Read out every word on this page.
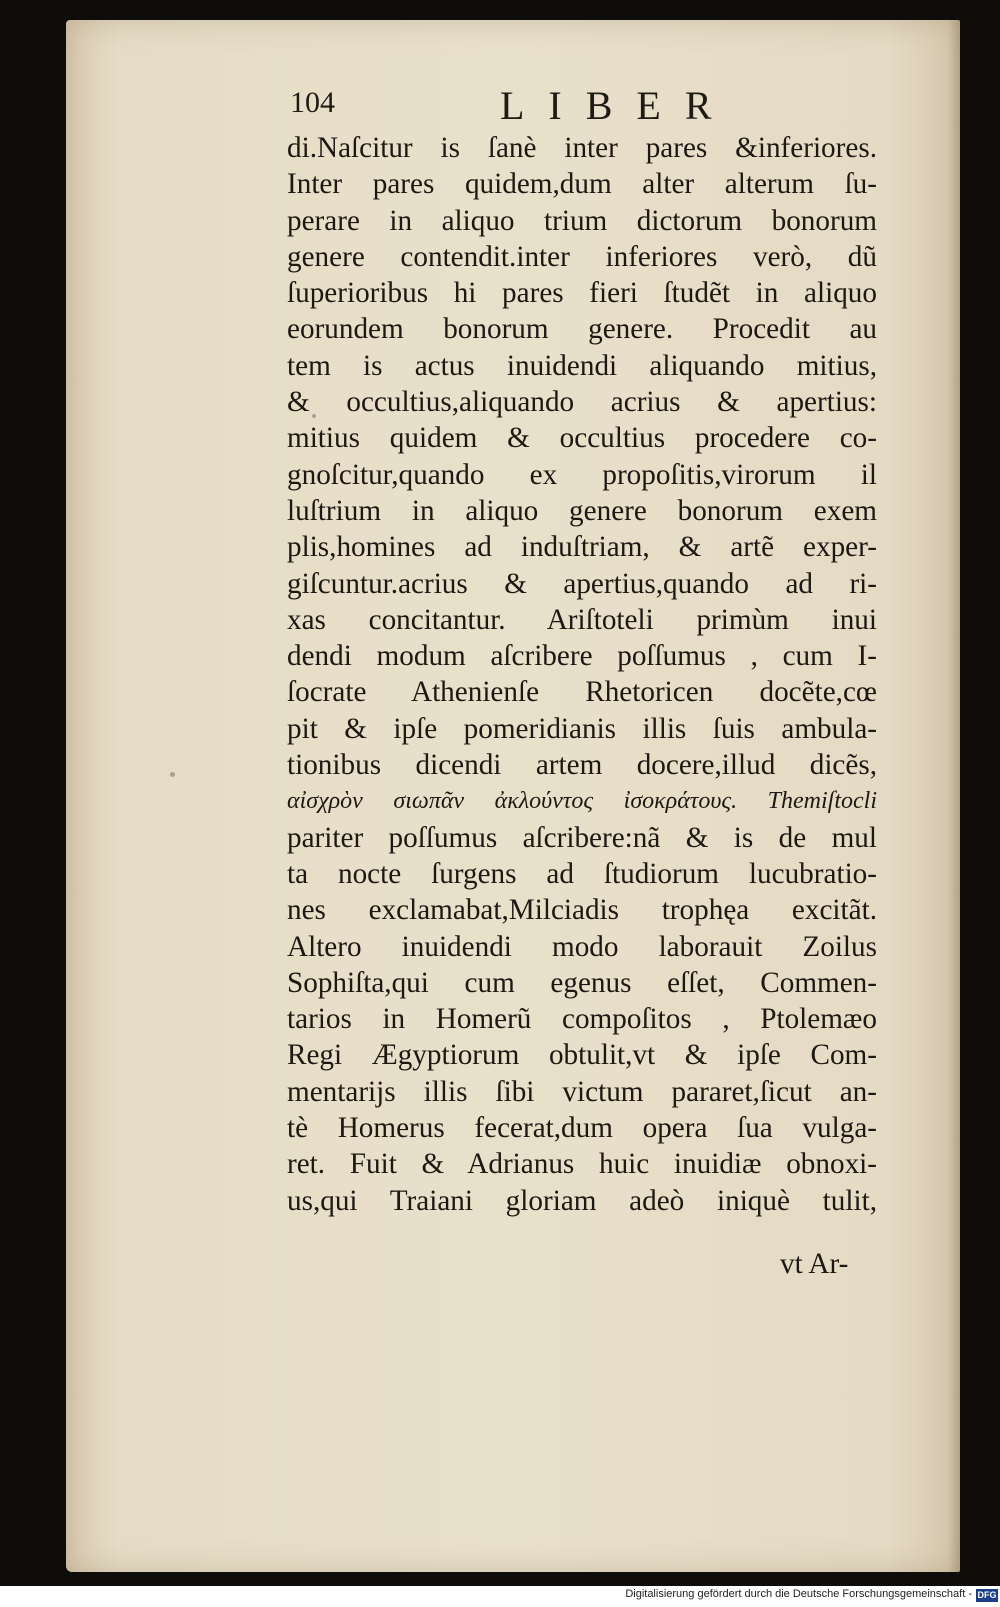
104	LIBER
di.Naſcitur is ſanè inter pares &inferiores.
Inter pares quidem,dum alter alterum ſu-
perare in aliquo trium dictorum bonorum
genere contendit.inter inferiores verò, dũ
ſuperioribus hi pares fieri ſtudẽt in aliquo
eorundem bonorum genere. Procedit au
tem is actus inuidendi aliquando mitius,
& occultius,aliquando acrius & apertius:
mitius quidem & occultius procedere co-
gnoſcitur,quando ex propoſitis,virorum il
luſtrium in aliquo genere bonorum exem
plis,homines ad induſtriam, & artẽ exper-
giſcuntur.acrius & apertius,quando ad ri-
xas concitantur. Ariſtoteli primùm inui
dendi modum aſcribere poſſumus , cum I-
ſocrate Athenienſe Rhetoricen docẽte,cœ
pit & ipſe pomeridianis illis ſuis ambula-
tionibus dicendi artem docere,illud dicẽs,
αἰσχρὸν σιωπᾶν ἀκλούντος ἰσοκράτους. Themiſtocli
pariter poſſumus aſcribere:nã & is de mul
ta nocte ſurgens ad ſtudiorum lucubratio-
nes exclamabat,Milciadis trophęa excitãt.
Altero inuidendi modo laborauit Zoilus
Sophiſta,qui cum egenus eſſet, Commen-
tarios in Homerũ compoſitos , Ptolemæo
Regi Ægyptiorum obtulit,vt & ipſe Com-
mentarijs illis ſibi victum pararet,ſicut an-
tè Homerus fecerat,dum opera ſua vulga-
ret. Fuit & Adrianus huic inuidiæ obnoxi-
us,qui Traiani gloriam adeò iniquè tulit,
vt Ar-
Digitalisierung gefördert durch die Deutsche Forschungsgemeinschaft - DFG
